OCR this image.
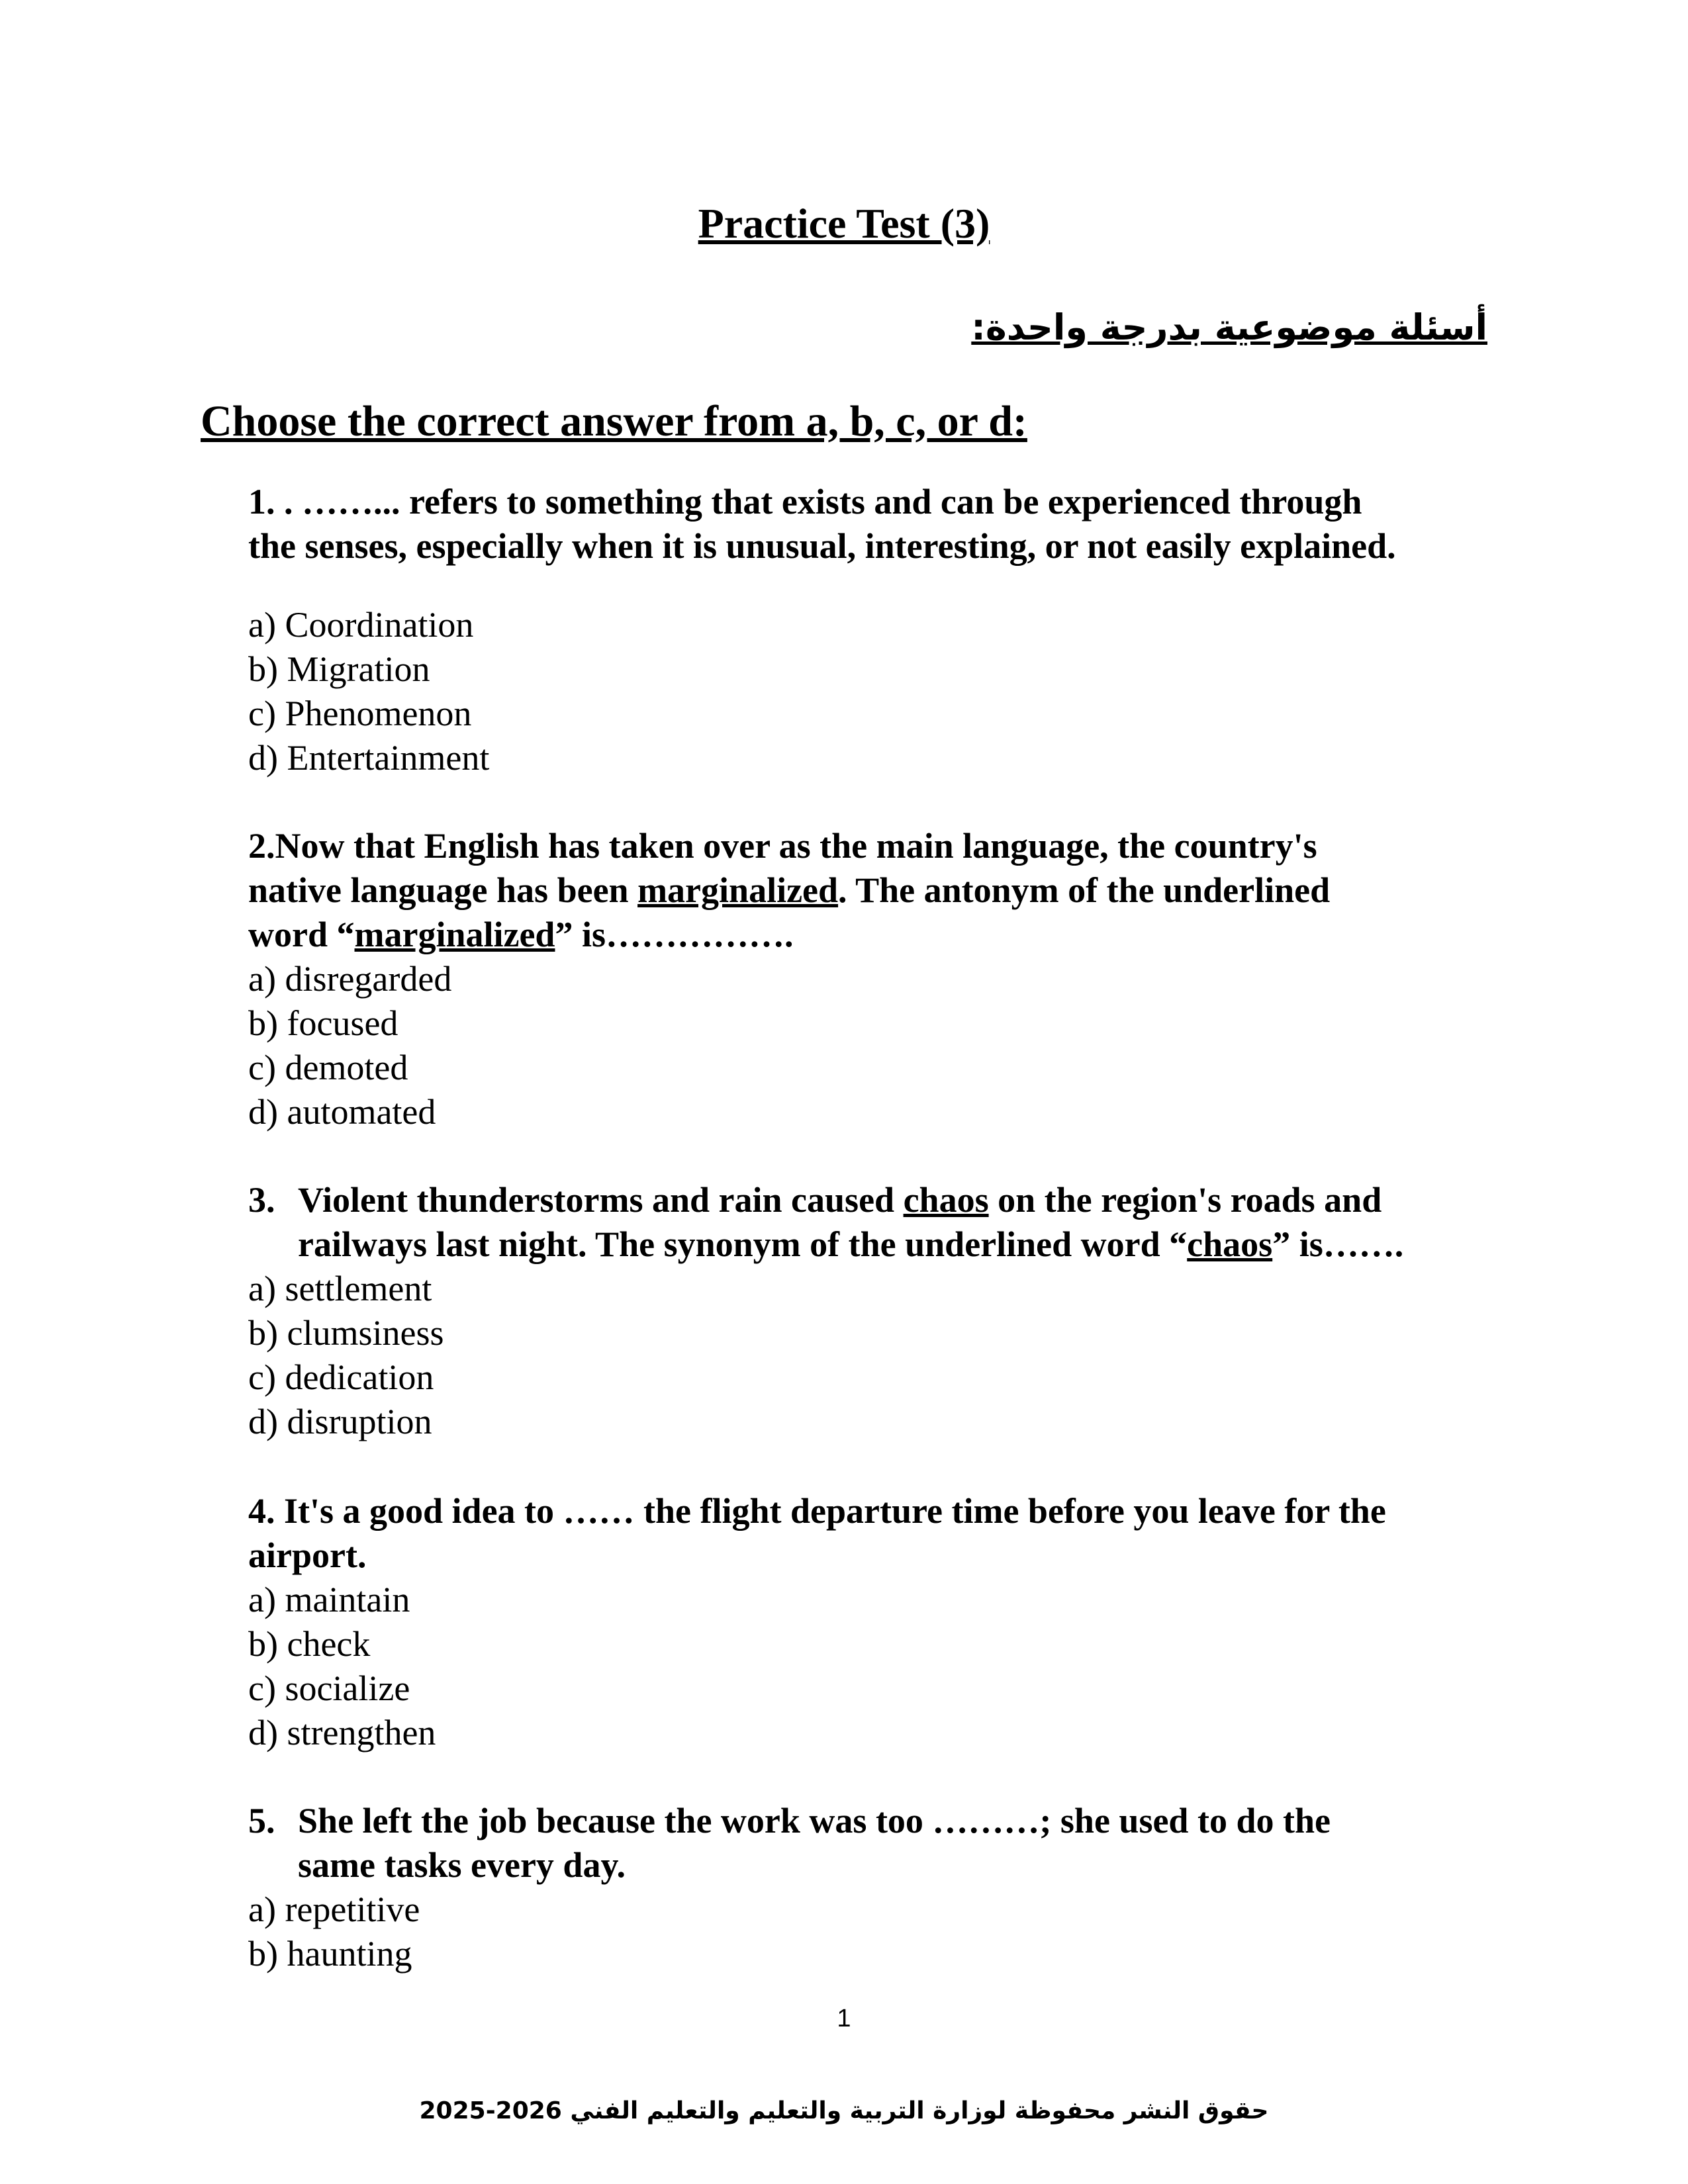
Practice Test (3)

أسئلة موضوعية بدرجة واحدة:

Choose the correct answer from a, b, c, or d:

1. . ……... refers to something that exists and can be experienced through
the senses, especially when it is unusual, interesting, or not easily explained.

a) Coordination
b) Migration
c) Phenomenon
d) Entertainment

2.Now that English has taken over as the main language, the country's
native language has been marginalized. The antonym of the underlined
word “marginalized” is…………….

a) disregarded
b) focused
c) demoted
d) automated

3. Violent thunderstorms and rain caused chaos on the region's roads and
railways last night. The synonym of the underlined word “chaos” is…….

a) settlement
b) clumsiness
c) dedication
d) disruption

4. It's a good idea to …… the flight departure time before you leave for the
airport.

a) maintain
b) check
c) socialize
d) strengthen

5. She left the job because the work was too ………; she used to do the
same tasks every day.

a) repetitive
b) haunting
1
حقوق النشر محفوظة لوزارة التربية والتعليم والتعليم الفني 2026-2025
